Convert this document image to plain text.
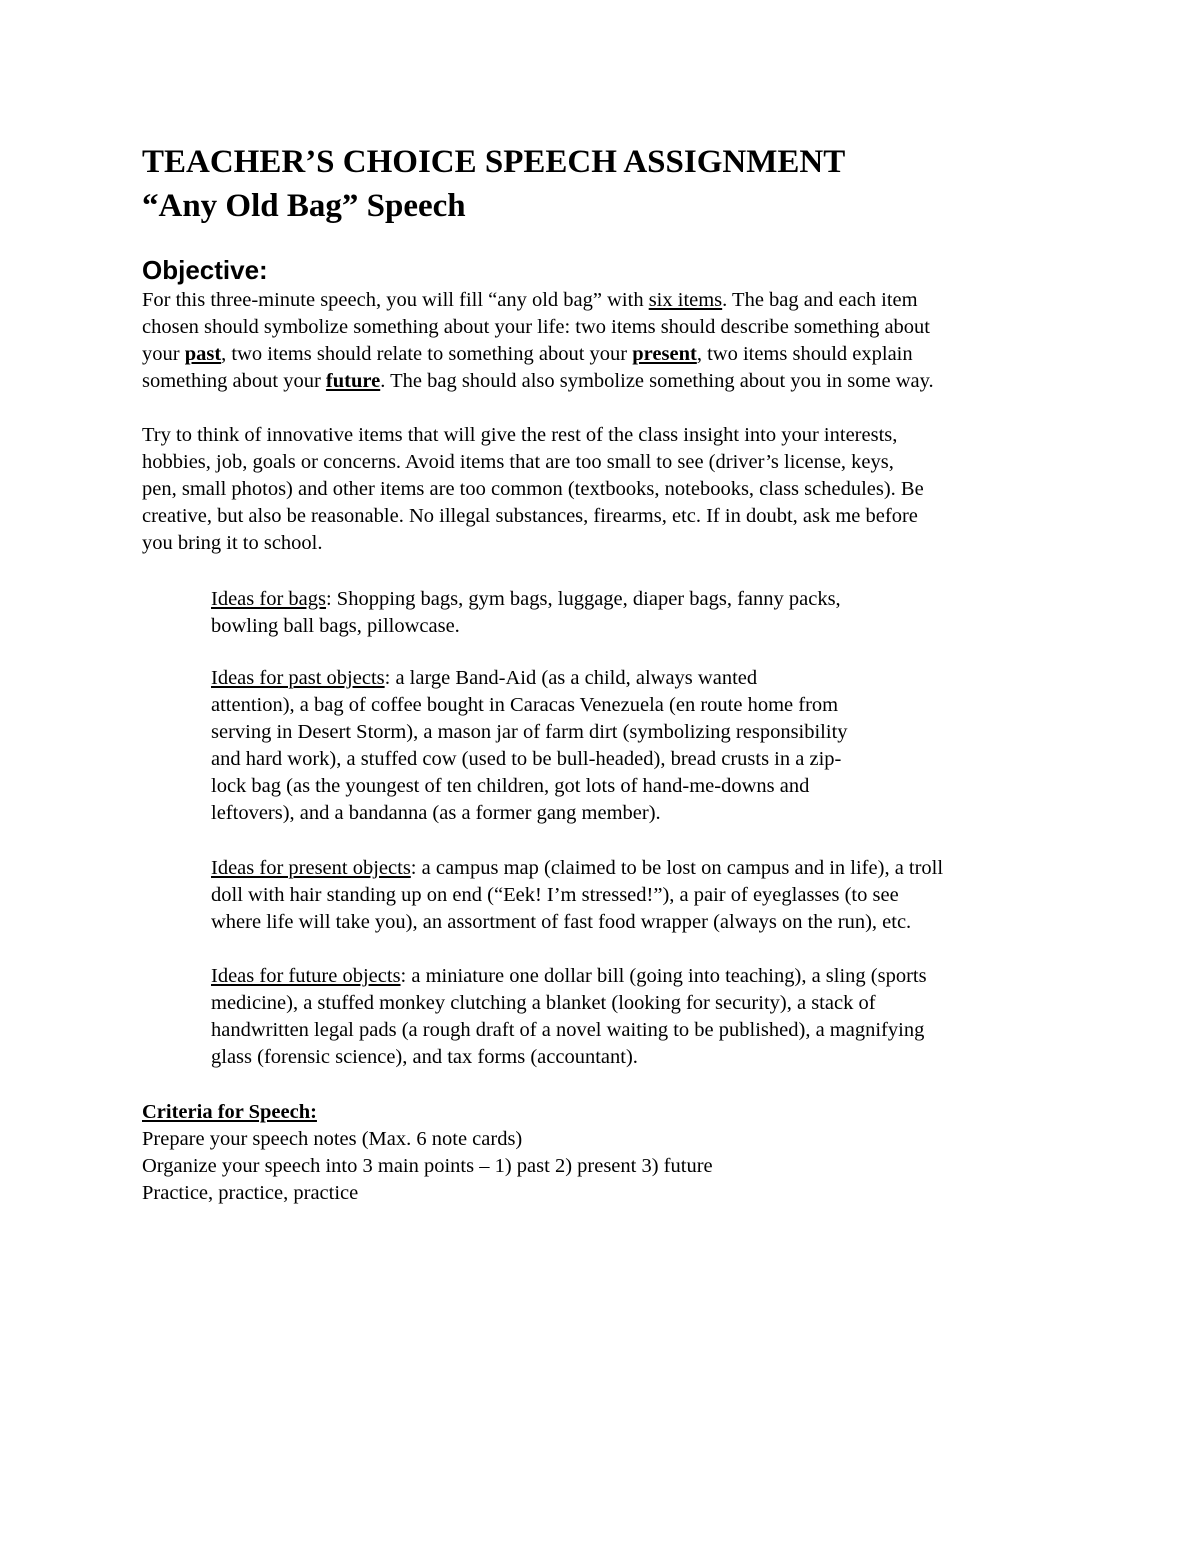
TEACHER’S CHOICE SPEECH ASSIGNMENT
“Any Old Bag” Speech
Objective:
For this three-minute speech, you will fill “any old bag” with six items. The bag and each item
chosen should symbolize something about your life: two items should describe something about
your past, two items should relate to something about your present, two items should explain
something about your future. The bag should also symbolize something about you in some way.
Try to think of innovative items that will give the rest of the class insight into your interests,
hobbies, job, goals or concerns. Avoid items that are too small to see (driver’s license, keys,
pen, small photos) and other items are too common (textbooks, notebooks, class schedules). Be
creative, but also be reasonable. No illegal substances, firearms, etc. If in doubt, ask me before
you bring it to school.
Ideas for bags: Shopping bags, gym bags, luggage, diaper bags, fanny packs,
bowling ball bags, pillowcase.
Ideas for past objects: a large Band-Aid (as a child, always wanted
attention), a bag of coffee bought in Caracas Venezuela (en route home from
serving in Desert Storm), a mason jar of farm dirt (symbolizing responsibility
and hard work), a stuffed cow (used to be bull-headed), bread crusts in a zip-
lock bag (as the youngest of ten children, got lots of hand-me-downs and
leftovers), and a bandanna (as a former gang member).
Ideas for present objects: a campus map (claimed to be lost on campus and in life), a troll
doll with hair standing up on end (“Eek! I’m stressed!”), a pair of eyeglasses (to see
where life will take you), an assortment of fast food wrapper (always on the run), etc.
Ideas for future objects: a miniature one dollar bill (going into teaching), a sling (sports
medicine), a stuffed monkey clutching a blanket (looking for security), a stack of
handwritten legal pads (a rough draft of a novel waiting to be published), a magnifying
glass (forensic science), and tax forms (accountant).
Criteria for Speech:
Prepare your speech notes (Max. 6 note cards)
Organize your speech into 3 main points – 1) past 2) present 3) future
Practice, practice, practice
